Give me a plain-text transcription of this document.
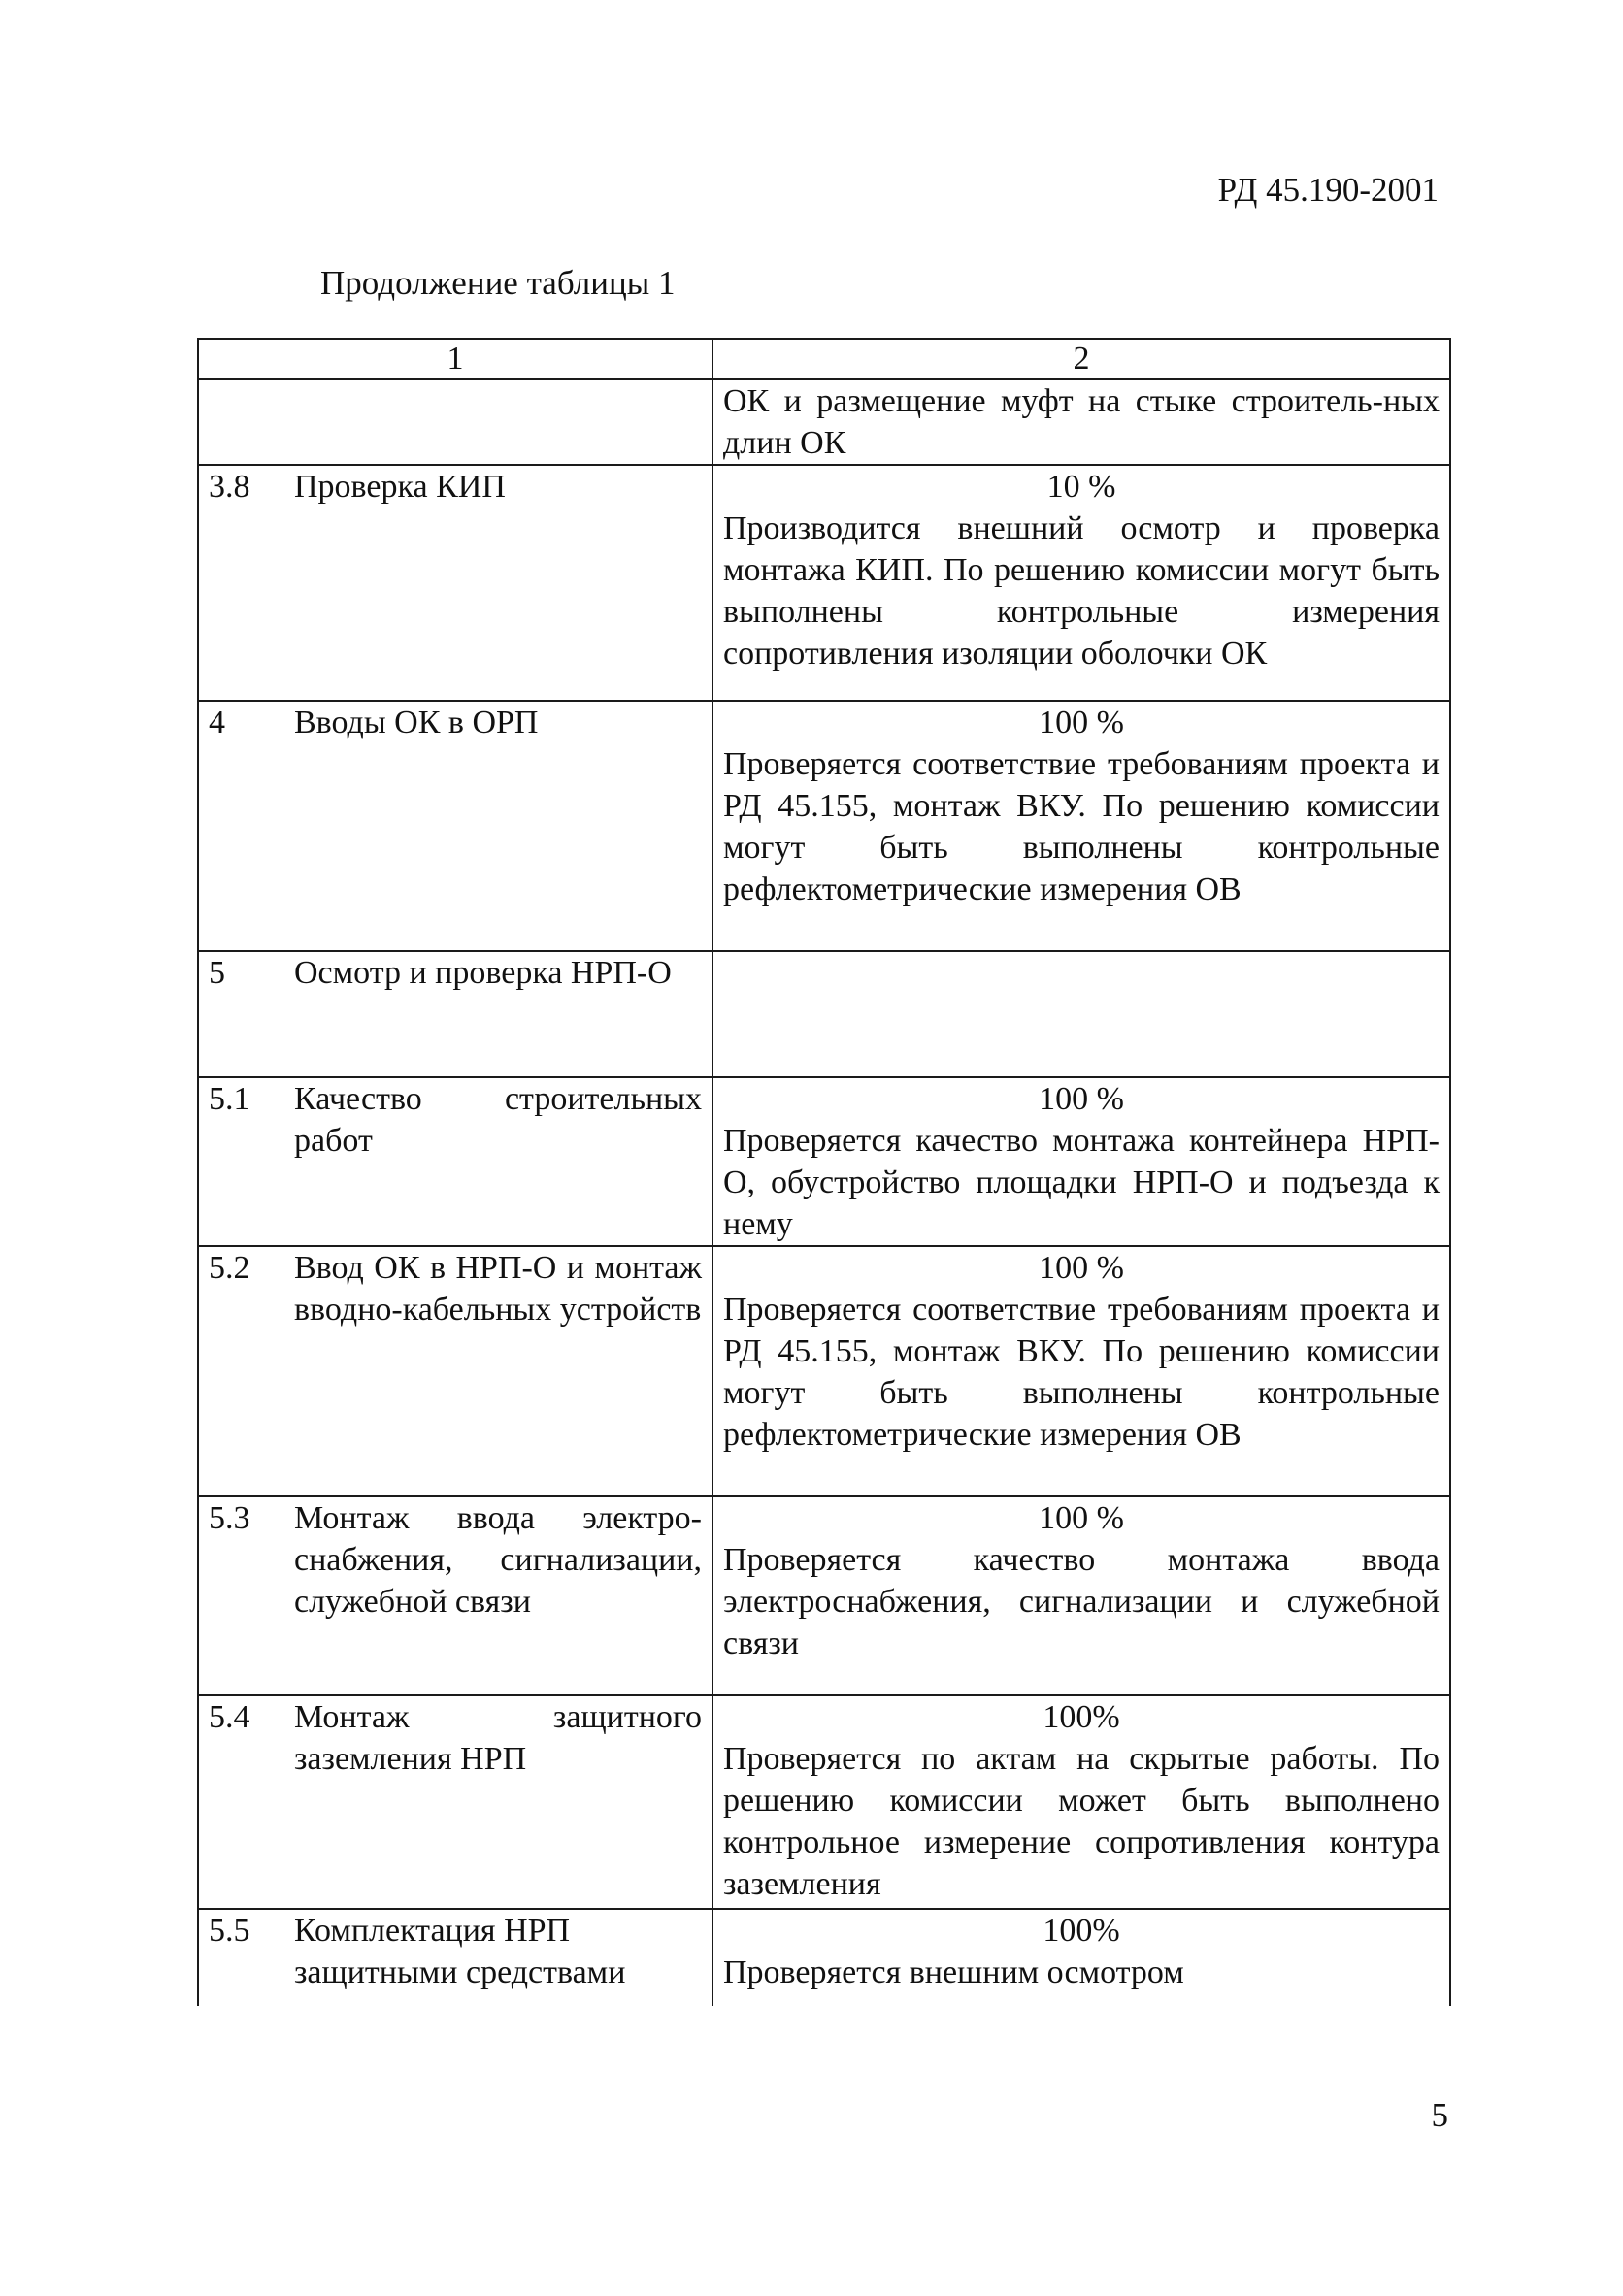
РД 45.190-2001
Продолжение таблицы 1
1	2

	ОК и размещение муфт на стыке строитель-ных длин ОК

3.8 Проверка КИП	10 %
Производится внешний осмотр и проверка монтажа КИП. По решению комиссии могут быть выполнены контрольные измерения сопротивления изоляции оболочки ОК

4 Вводы ОК в ОРП	100 %
Проверяется соответствие требованиям проекта и РД 45.155, монтаж ВКУ. По решению комиссии могут быть выполнены контрольные рефлектометрические измерения ОВ

5 Осмотр и проверка НРП-О	

5.1 Качество строительных работ	100 %
Проверяется качество монтажа контейнера НРП-О, обустройство площадки НРП-О и подъезда к нему

5.2 Ввод ОК в НРП-О и монтаж вводно-кабельных устройств	100 %
Проверяется соответствие требованиям проекта и РД 45.155, монтаж ВКУ. По решению комиссии могут быть выполнены контрольные рефлектометрические измерения ОВ

5.3 Монтаж ввода электро-снабжения, сигнализации, служебной связи	100 %
Проверяется качество монтажа ввода электроснабжения, сигнализации и служебной связи

5.4 Монтаж защитного заземления НРП	100%
Проверяется по актам на скрытые работы. По решению комиссии может быть выполнено контрольное измерение сопротивления контура заземления

5.5 Комплектация НРП защитными средствами	100%
Проверяется внешним осмотром
5
